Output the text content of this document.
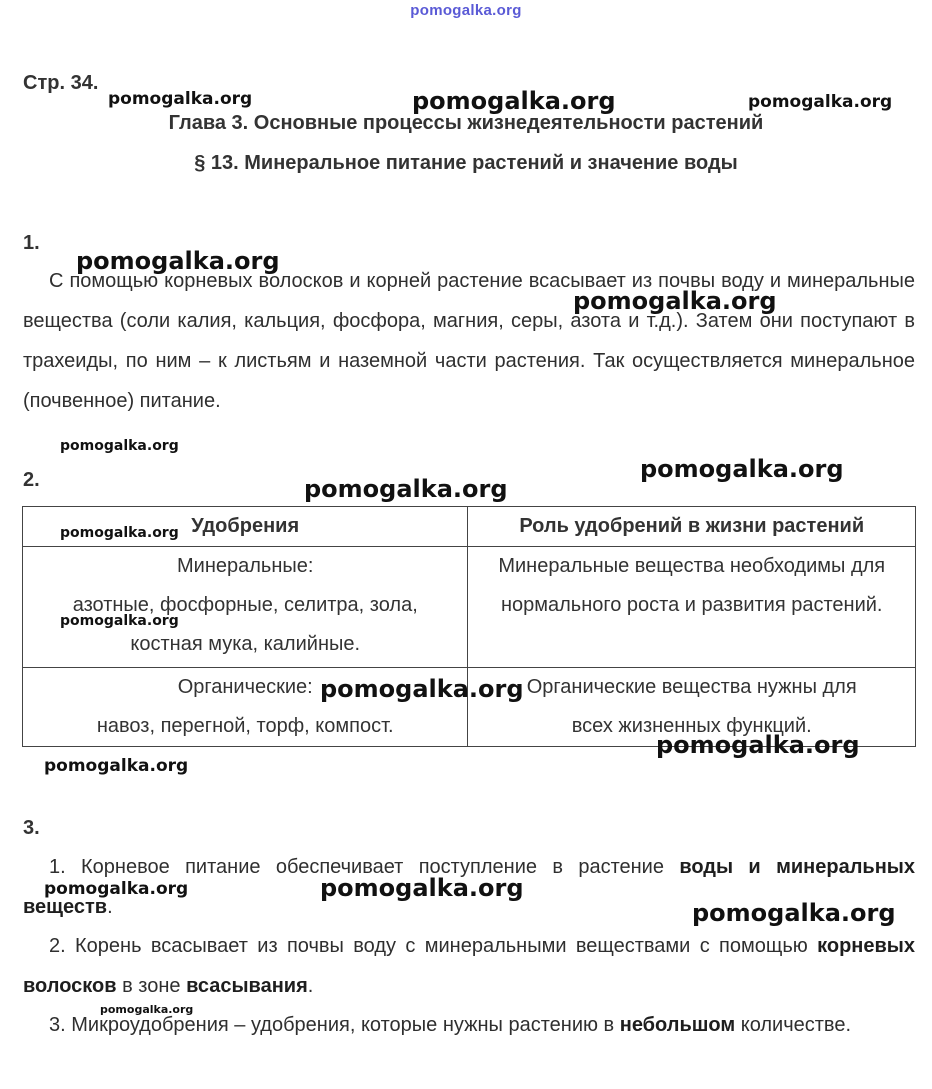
pomogalka.org
Стр. 34.
Глава 3. Основные процессы жизнедеятельности растений
§ 13. Минеральное питание растений и значение воды
1.

С помощью корневых волосков и корней растение всасывает из почвы воду и минеральные вещества (соли калия, кальция, фосфора, магния, серы, азота и т.д.). Затем они поступают в трахеиды, по ним – к листьям и наземной части растения. Так осуществляется минеральное (почвенное) питание.

2.
Удобрения	Роль удобрений в жизни растений

Минеральные:
азотные, фосфорные, селитра, зола, костная мука, калийные.	Минеральные вещества необходимы для нормального роста и развития растений.

Органические:
навоз, перегной, торф, компост.	Органические вещества нужны для всех жизненных функций.
3.

1. Корневое питание обеспечивает поступление в растение воды и минеральных веществ.

2. Корень всасывает из почвы воду с минеральными веществами с помощью корневых волосков в зоне всасывания.

3. Микроудобрения – удобрения, которые нужны растению в небольшом количестве.

pomogalka.org	pomogalka.org	pomogalka.org
pomogalka.org
pomogalka.org
pomogalka.org
pomogalka.org
pomogalka.org
pomogalka.org
pomogalka.org
pomogalka.org
pomogalka.org
pomogalka.org
pomogalka.org	pomogalka.org
pomogalka.org
pomogalka.org
